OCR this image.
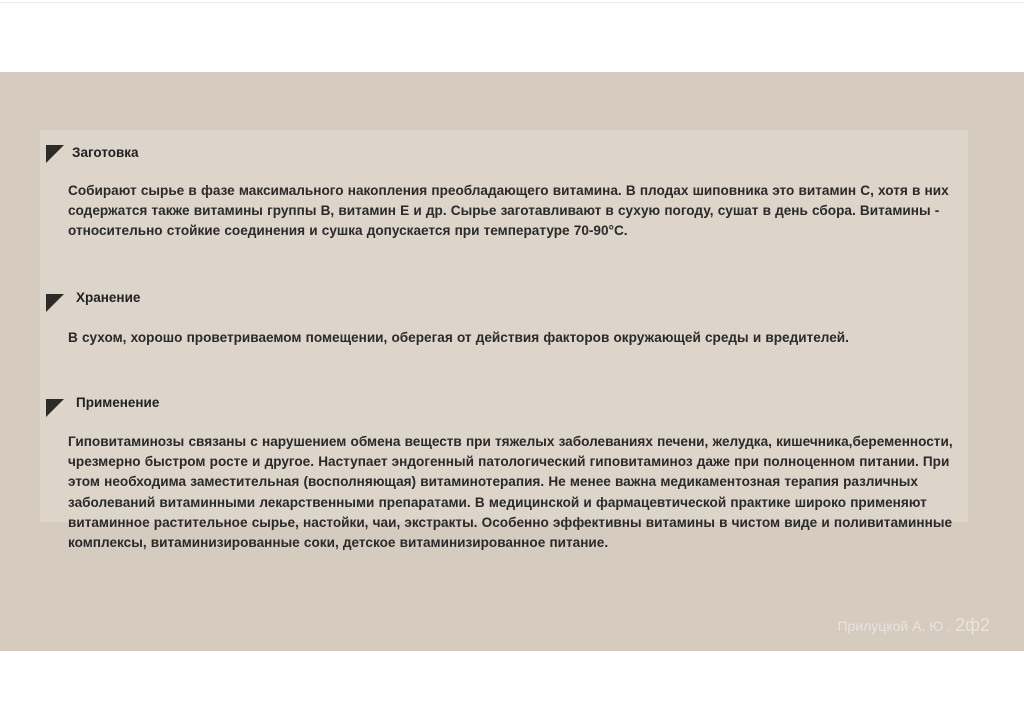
Заготовка
Собирают сырье в фазе максимального накопления преобладающего витамина. В плодах шиповника это витамин С, хотя в них содержатся также витамины группы В, витамин Е и др. Сырье заготавливают в сухую погоду, сушат в день сбора. Витамины - относительно стойкие соединения и сушка допускается при температуре 70-90°С.
Хранение
В сухом, хорошо проветриваемом помещении, оберегая от действия факторов окружающей среды и вредителей.
Применение
Гиповитаминозы связаны с нарушением обмена веществ при тяжелых заболеваниях печени, желудка, кишечника,беременности, чрезмерно быстром росте и другое. Наступает эндогенный патологический гиповитаминоз даже при полноценном питании. При этом необходима заместительная (восполняющая) витаминотерапия. Не менее важна медикаментозная терапия различных заболеваний витаминными лекарственными препаратами. В медицинской и фармацевтической практике широко применяют витаминное растительное сырье, настойки, чаи, экстракты. Особенно эффективны витамины в чистом виде и поливитаминные комплексы, витаминизированные соки, детское витаминизированное питание.
Прилуцкой А. Ю . 2ф2
